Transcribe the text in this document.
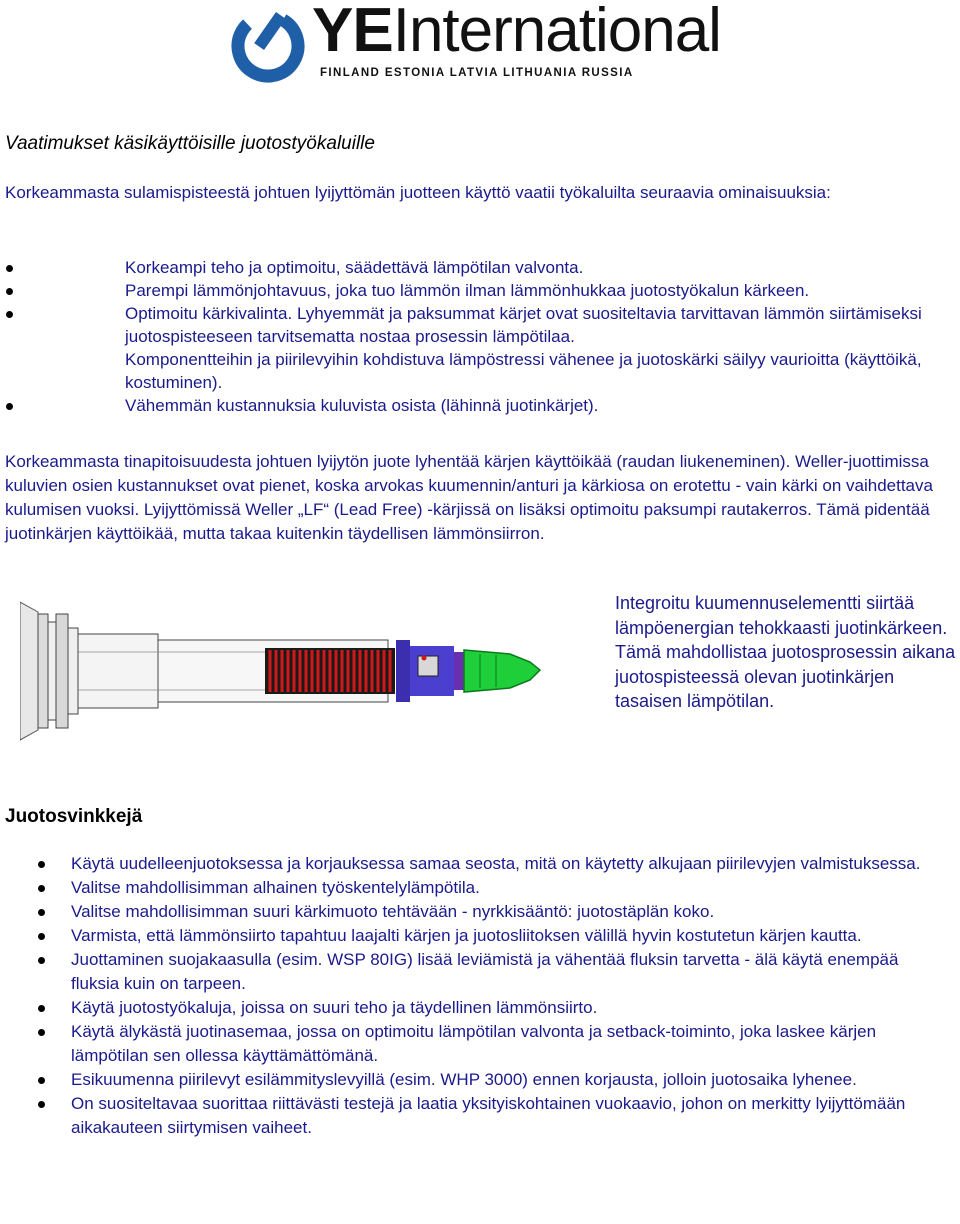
YEInternational
FINLAND ESTONIA LATVIA LITHUANIA RUSSIA
Vaatimukset käsikäyttöisille juotostyökaluille

Korkeammasta sulamispisteestä johtuen lyijyttömän juotteen käyttö vaatii työkaluilta seuraavia ominaisuuksia:

Korkeampi teho ja optimoitu, säädettävä lämpötilan valvonta.
Parempi lämmönjohtavuus, joka tuo lämmön ilman lämmönhukkaa juotostyökalun kärkeen.
Optimoitu kärkivalinta. Lyhyemmät ja paksummat kärjet ovat suositeltavia tarvittavan lämmön siirtämiseksi juotospisteeseen tarvitsematta nostaa prosessin lämpötilaa.
Komponentteihin ja piirilevyihin kohdistuva lämpöstressi vähenee ja juotoskärki säilyy vaurioitta (käyttöikä, kostuminen).
Vähemmän kustannuksia kuluvista osista (lähinnä juotinkärjet).

Korkeammasta tinapitoisuudesta johtuen lyijytön juote lyhentää kärjen käyttöikää (raudan liukeneminen). Weller-juottimissa kuluvien osien kustannukset ovat pienet, koska arvokas kuumennin/anturi ja kärkiosa on erotettu - vain kärki on vaihdettava kulumisen vuoksi. Lyijyttömissä Weller „LF“ (Lead Free) -kärjissä on lisäksi optimoitu paksumpi rautakerros. Tämä pidentää juotinkärjen käyttöikää, mutta takaa kuitenkin täydellisen lämmönsiirron.

Integroitu kuumennuselementti siirtää lämpöenergian tehokkaasti juotinkärkeen. Tämä mahdollistaa juotosprosessin aikana juotospisteessä olevan juotinkärjen tasaisen lämpötilan.

Juotosvinkkejä
Käytä uudelleenjuotoksessa ja korjauksessa samaa seosta, mitä on käytetty alkujaan piirilevyjen valmistuksessa.
Valitse mahdollisimman alhainen työskentelylämpötila.
Valitse mahdollisimman suuri kärkimuoto tehtävään - nyrkkisääntö: juotostäplän koko.
Varmista, että lämmönsiirto tapahtuu laajalti kärjen ja juotosliitoksen välillä hyvin kostutetun kärjen kautta.
Juottaminen suojakaasulla (esim. WSP 80IG) lisää leviämistä ja vähentää fluksin tarvetta - älä käytä enempää fluksia kuin on tarpeen.
Käytä juotostyökaluja, joissa on suuri teho ja täydellinen lämmönsiirto.
Käytä älykästä juotinasemaa, jossa on optimoitu lämpötilan valvonta ja setback-toiminto, joka laskee kärjen lämpötilan sen ollessa käyttämättömänä.
Esikuumenna piirilevyt esilämmityslevyillä (esim. WHP 3000) ennen korjausta, jolloin juotosaika lyhenee.
On suositeltavaa suorittaa riittävästi testejä ja laatia yksityiskohtainen vuokaavio, johon on merkitty lyijyttömään aikakauteen siirtymisen vaiheet.
